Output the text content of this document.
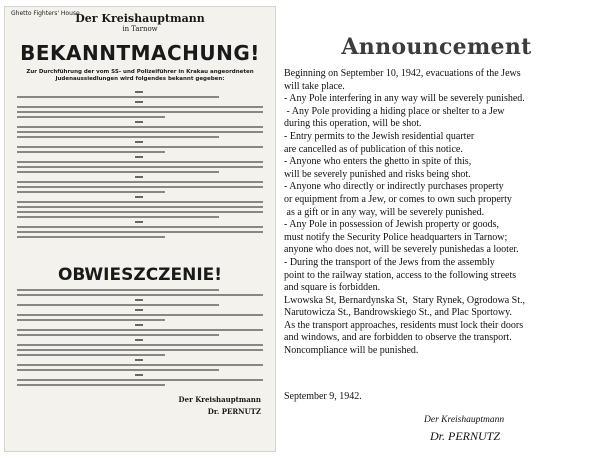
Ghetto Fighters' House
Der Kreishauptmann
in Tarnow
BEKANNTMACHUNG!
Zur Durchführung der vom SS- und Polizeiführer in Krakau angeordneten Judenaussiedlungen wird folgendes bekannt gegeben:
OBWIESZCZENIE!
Der Kreishauptmann
Dr. PERNUTZ
Announcement
Beginning on September 10, 1942, evacuations of the Jews
will take place.
- Any Pole interfering in any way will be severely punished.
- Any Pole providing a hiding place or shelter to a Jew
during this operation, will be shot.
- Entry permits to the Jewish residential quarter
are cancelled as of publication of this notice.
- Anyone who enters the ghetto in spite of this,
will be severely punished and risks being shot.
- Anyone who directly or indirectly purchases property
or equipment from a Jew, or comes to own such property
as a gift or in any way, will be severely punished.
- Any Pole in possession of Jewish property or goods,
must notify the Security Police headquarters in Tarnow;
anyone who does not, will be severely punishedas a looter.
- During the transport of the Jews from the assembly
point to the railway station, access to the following streets
and square is forbidden.
Lwowska St, Bernardynska St,  Stary Rynek, Ogrodowa St.,
Narutowicza St., Bandrowskiego St., and Plac Sportowy.
As the transport approaches, residents must lock their doors
and windows, and are forbidden to observe the transport.
Noncompliance will be punished.
September 9, 1942.
Der Kreishauptmann
Dr. PERNUTZ
